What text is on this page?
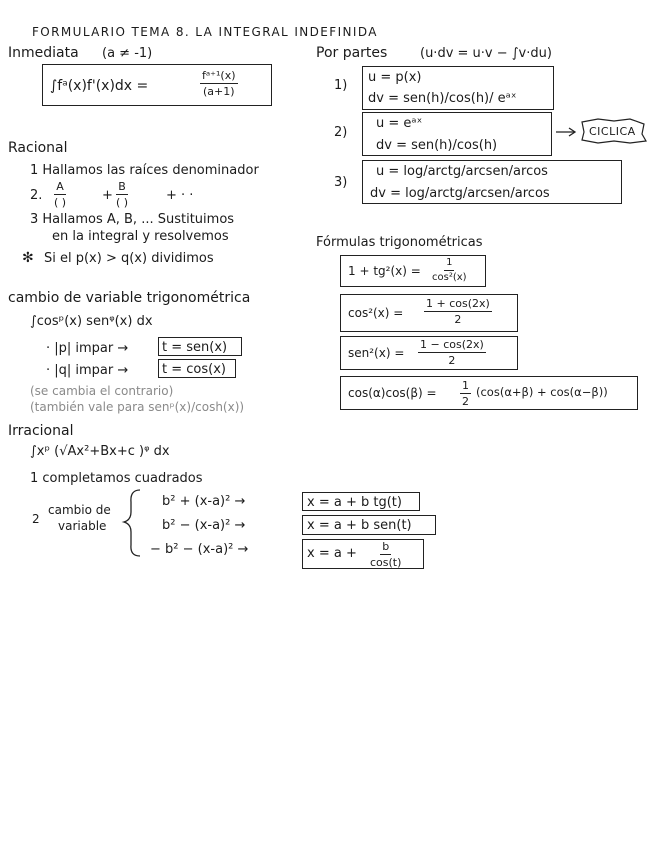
FORMULARIO TEMA 8. LA INTEGRAL INDEFINIDA
Inmediata (a ≠ -1)
∫fᵃ(x)f'(x)dx =	$\frac{\text{fᵃ⁺¹(x)}}{(a+1)}$
Racional
1 Hallamos las raíces denominador
2.
A
( )	+
B
( )	+ · ·
3 Hallamos A, B, ... Sustituimos
en la integral y resolvemos
✻ Si el p(x) > q(x) dividimos
cambio de variable trigonométrica
∫cosᵖ(x) senᵠ(x) dx
· |p| impar →	t = sen(x)
· |q| impar →	t = cos(x)
(se cambia el contrario)
(también vale para senᵖ(x)/cosh(x))
Irracional
∫xᵖ (√Ax²+Bx+c )ᵠ dx
1 completamos cuadrados
2
cambio de
variable
b² + (x-a)² →	x = a + b tg(t)
b² − (x-a)² →	x = a + b sen(t)
− b² − (x-a)² →	$x = a + \frac{b}{\cos(t)}$
Por partes	(u·dv = u·v − ∫v·du)
1)
u = p(x)
dv = sen(h)/cos(h)/ eᵃˣ
2)
u = eᵃˣ
dv = sen(h)/cos(h)
CICLICA
3)
u = log/arctg/arcsen/arcos
dv = log/arctg/arcsen/arcos
Fórmulas trigonométricas
$1 + tg^2(x) = \frac{1}{\text{cos²(x)}}$
$\cos^2(x) = \frac{1 + \cos(2x)}{2}$
$sen^2(x) = \frac{1 - \cos(2x)}{2}$
$\cos(\alpha)\cos(\beta) = \frac{1}{2} (\cos(\alpha+\beta) + \cos(\alpha-\beta))$
